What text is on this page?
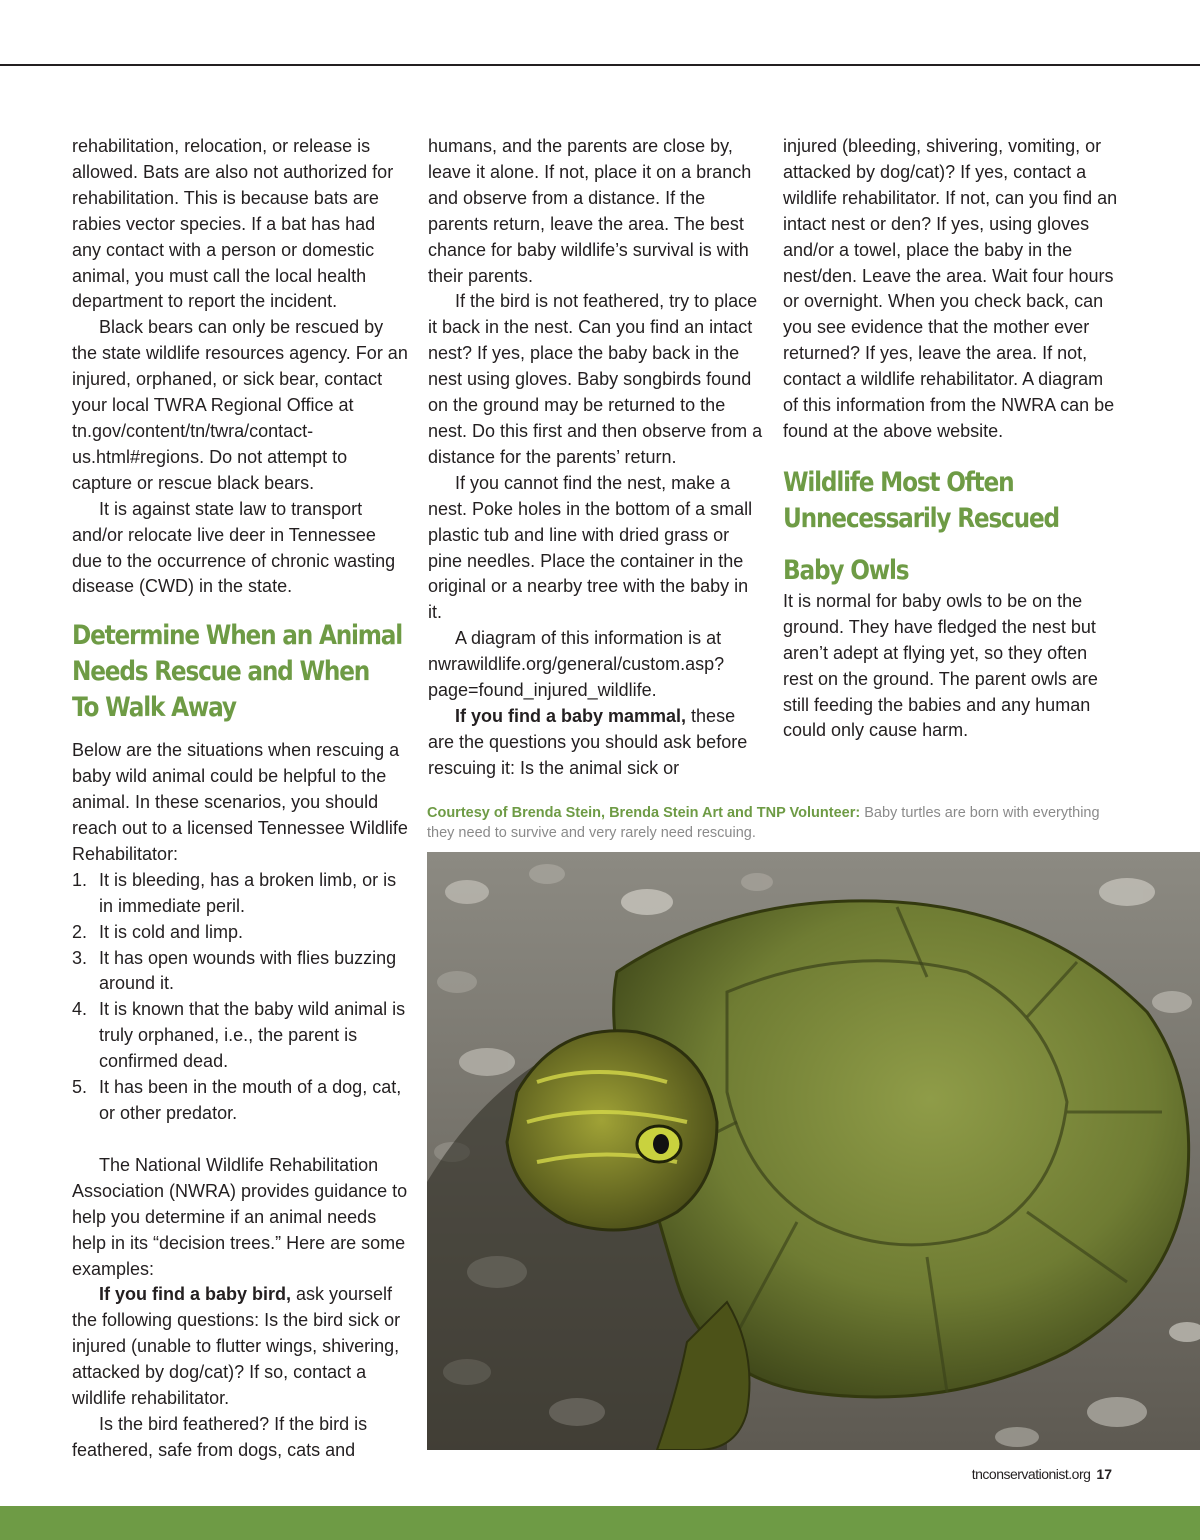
rehabilitation, relocation, or release is allowed. Bats are also not authorized for rehabilitation. This is because bats are rabies vector species. If a bat has had any contact with a person or domestic animal, you must call the local health department to report the incident.

Black bears can only be rescued by the state wildlife resources agency. For an injured, orphaned, or sick bear, contact your local TWRA Regional Office at tn.gov/content/tn/twra/contact-us.html#regions. Do not attempt to capture or rescue black bears.

It is against state law to transport and/or relocate live deer in Tennessee due to the occurrence of chronic wasting disease (CWD) in the state.

Determine When an Animal
Needs Rescue and When
To Walk Away

Below are the situations when rescuing a baby wild animal could be helpful to the animal. In these scenarios, you should reach out to a licensed Tennessee Wildlife Rehabilitator:

1. It is bleeding, has a broken limb, or is in immediate peril.
2. It is cold and limp.
3. It has open wounds with flies buzzing around it.
4. It is known that the baby wild animal is truly orphaned, i.e., the parent is confirmed dead.
5. It has been in the mouth of a dog, cat, or other predator.

The National Wildlife Rehabilitation Association (NWRA) provides guidance to help you determine if an animal needs help in its “decision trees.” Here are some examples:

If you find a baby bird, ask yourself the following questions: Is the bird sick or injured (unable to flutter wings, shivering, attacked by dog/cat)? If so, contact a wildlife rehabilitator.

Is the bird feathered? If the bird is feathered, safe from dogs, cats and

humans, and the parents are close by, leave it alone. If not, place it on a branch and observe from a distance. If the parents return, leave the area. The best chance for baby wildlife’s survival is with their parents.

If the bird is not feathered, try to place it back in the nest. Can you find an intact nest? If yes, place the baby back in the nest using gloves. Baby songbirds found on the ground may be returned to the nest. Do this first and then observe from a distance for the parents’ return.

If you cannot find the nest, make a nest. Poke holes in the bottom of a small plastic tub and line with dried grass or pine needles. Place the container in the original or a nearby tree with the baby in it.

A diagram of this information is at nwrawildlife.org/general/custom.asp?page=found_injured_wildlife.

If you find a baby mammal, these are the questions you should ask before rescuing it: Is the animal sick or

injured (bleeding, shivering, vomiting, or attacked by dog/cat)? If yes, contact a wildlife rehabilitator. If not, can you find an intact nest or den? If yes, using gloves and/or a towel, place the baby in the nest/den. Leave the area. Wait four hours or overnight. When you check back, can you see evidence that the mother ever returned? If yes, leave the area. If not, contact a wildlife rehabilitator. A diagram of this information from the NWRA can be found at the above website.

Wildlife Most Often
Unnecessarily Rescued
Baby Owls

It is normal for baby owls to be on the ground. They have fledged the nest but aren’t adept at flying yet, so they often rest on the ground. The parent owls are still feeding the babies and any human could only cause harm.

Courtesy of Brenda Stein, Brenda Stein Art and TNP Volunteer: Baby turtles are born with everything they need to survive and very rarely need rescuing.
tnconservationist.org 17
